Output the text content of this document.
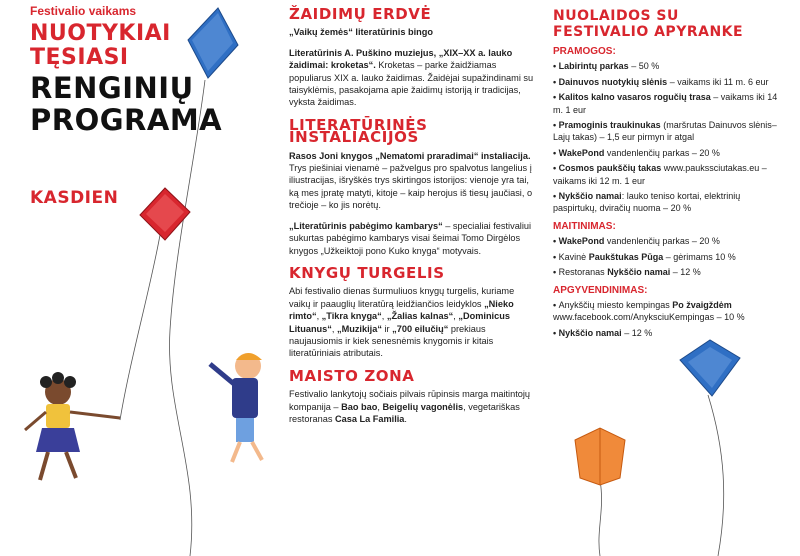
Festivalio vaikams
NUOTYKIAI
TĘSIASI
RENGINIŲ
PROGRAMA
KASDIEN
ŽAIDIMŲ ERDVĖ

„Vaikų žemės“ literatūrinis bingo

Literatūrinis A. Puškino muziejus, „XIX–XX a. lauko žaidimai: kroketas“. Kroketas – parke žaidžiamas populiarus XIX a. lauko žaidimas. Žaidėjai supažindinami su taisyklėmis, pasakojama apie žaidimų istoriją ir tradicijas, vyksta žaidimas.

LITERATŪRINĖS INSTALIACIJOS

Rasos Joni knygos „Nematomi praradimai“ instaliacija. Trys piešiniai vienamė – pažvelgus pro spalvotus langelius į iliustracijas, išryškės trys skirtingos istorijos: vienoje yra tai, ką mes įpratę matyti, kitoje – kaip herojus iš tiesų jaučiasi, o trečioje – ko jis norėtų.

„Literatūrinis pabėgimo kambarys“ – specialiai festivaliui sukurtas pabėgimo kambarys visai šeimai Tomo Dirgėlos knygos „Užkeiktoji pono Kuko knyga“ motyvais.

KNYGŲ TURGELIS

Abi festivalio dienas šurmuliuos knygų turgelis, kuriame vaikų ir paauglių literatūrą leidžiančios leidyklos „Nieko rimto“, „Tikra knyga“, „Žalias kalnas“, „Dominicus Lituanus“, „Muzikija“ ir „700 eilučių“ prekiaus naujausiomis ir kiek senesnėmis knygomis ir kitais literatūriniais atributais.

MAISTO ZONA

Festivalio lankytojų sočiais pilvais rūpinsis marga maitintojų kompanija – Bao bao, Beigelių vagonėlis, vegetariškas restoranas Casa La Familia.

NUOLAIDOS SU
FESTIVALIO APYRANKE
PRAMOGOS:
• Labirintų parkas – 50 %
• Dainuvos nuotykių slėnis – vaikams iki 11 m. 6 eur
• Kalitos kalno vasaros rogučių trasa – vaikams iki 14 m. 1 eur
• Pramoginis traukinukas (maršrutas Dainuvos slėnis–Lajų takas) – 1,5 eur pirmyn ir atgal
• WakePond vandenlenčių parkas – 20 %
• Cosmos paukščių takas www.paukssciutakas.eu – vaikams iki 12 m. 1 eur
• Nykščio namai: lauko teniso kortai, elektrinių paspirtukų, dviračių nuoma – 20 %
MAITINIMAS:
• WakePond vandenlenčių parkas – 20 %
• Kavinė Paukštukas Pūga – gėrimams 10 %
• Restoranas Nykščio namai – 12 %
APGYVENDINIMAS:
• Anykščių miesto kempingas Po žvaigždėm www.facebook.com/AnyksciuKempingas – 10 %
• Nykščio namai – 12 %
